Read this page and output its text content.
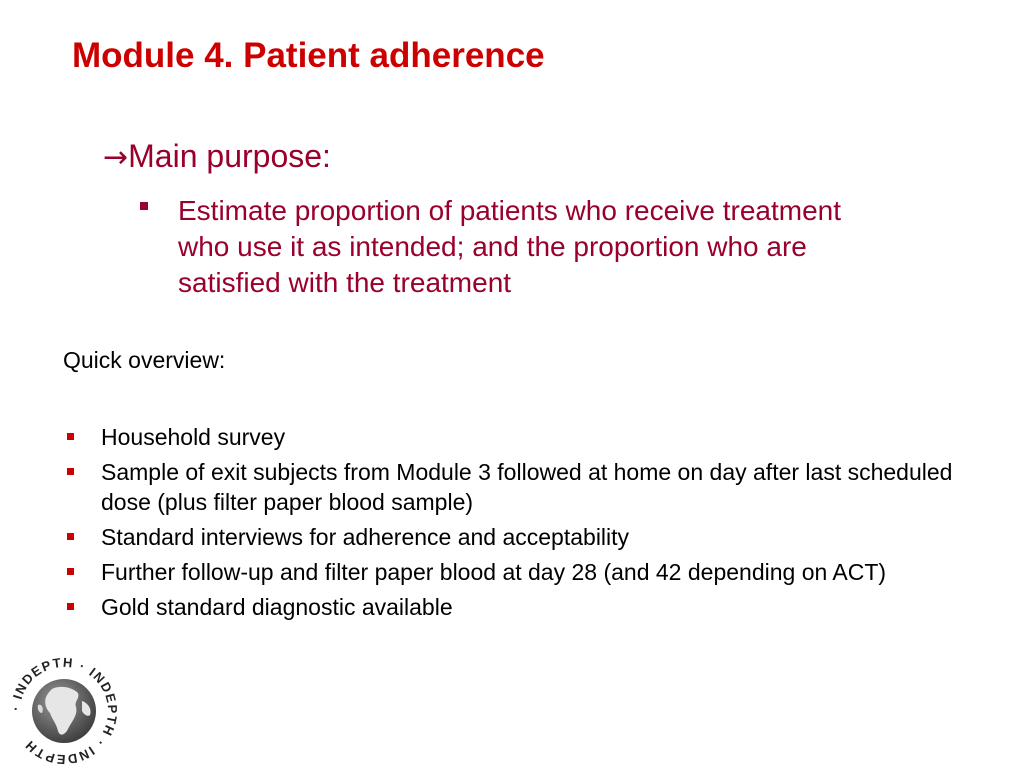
Module 4. Patient adherence
→Main purpose:
Estimate proportion of patients who receive treatment who use it as intended; and the proportion who are satisfied with the treatment
Quick overview:
Household survey
Sample of exit subjects from Module 3 followed at home on day after last scheduled dose (plus filter paper blood sample)
Standard interviews for adherence and acceptability
Further follow-up and filter paper blood at day 28 (and 42 depending on ACT)
Gold standard diagnostic available
· INDEPTH · INDEPTH · INDEPTH
